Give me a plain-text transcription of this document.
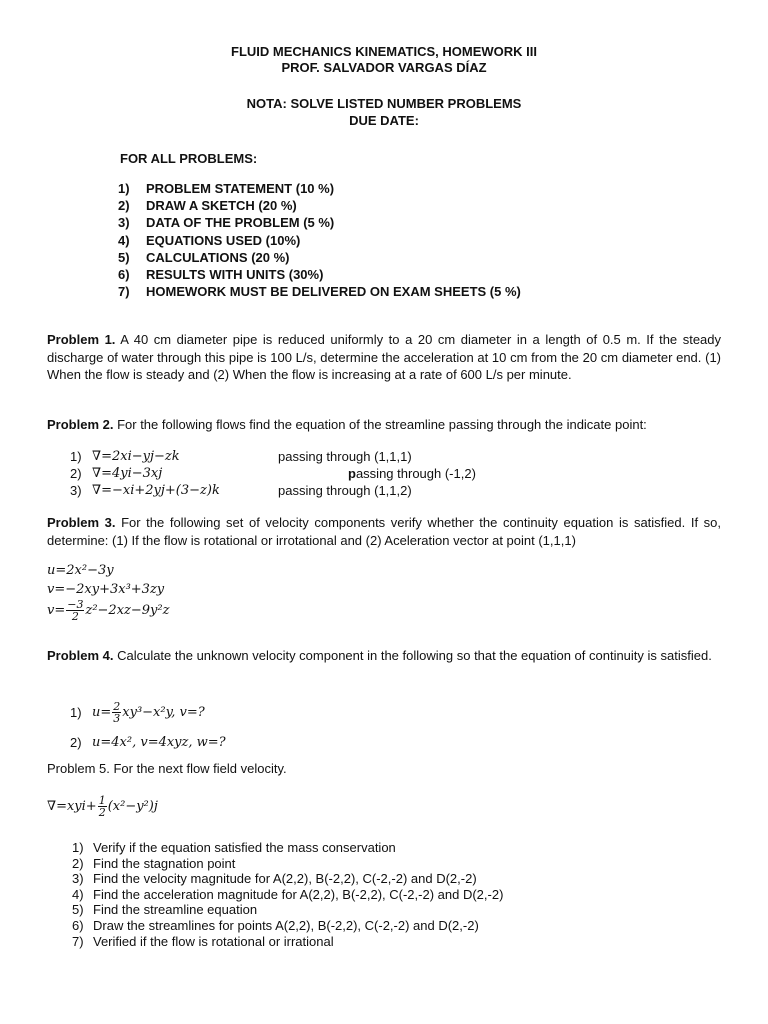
FLUID MECHANICS KINEMATICS, HOMEWORK III
PROF. SALVADOR VARGAS DÍAZ
NOTA: SOLVE LISTED NUMBER PROBLEMS
DUE DATE:
FOR ALL PROBLEMS:
1)	PROBLEM STATEMENT (10 %)
2)	DRAW A SKETCH (20 %)
3)	DATA OF THE PROBLEM (5 %)
4)	EQUATIONS USED (10%)
5)	CALCULATIONS (20 %)
6)	RESULTS WITH UNITS (30%)
7)	HOMEWORK MUST BE DELIVERED ON EXAM SHEETS (5 %)
Problem 1. A 40 cm diameter pipe is reduced uniformly to a 20 cm diameter in a length of 0.5 m. If the steady discharge of water through this pipe is 100 L/s, determine the acceleration at 10 cm from the 20 cm diameter end. (1) When the flow is steady and (2) When the flow is increasing at a rate of 600 L/s per minute.
Problem 2. For the following flows find the equation of the streamline passing through the indicate point:
1) ∇=2xi−yj−zk	passing through (1,1,1)
2) ∇=4yi−3xj	p assing through (-1,2)
3) ∇=−xi+2yj+(3−z)k	passing through (1,1,2)
Problem 3. For the following set of velocity components verify whether the continuity equation is satisfied. If so, determine: (1) If the flow is rotational or irrotational and (2) Aceleration vector at point (1,1,1)
u=2x²−3y
v=−2xy+3x³+3zy
$v= \frac{-3}{2} z^2-2xz-9y^2z$
Problem 4. Calculate the unknown velocity component in the following so that the equation of continuity is satisfied.
1) $u= \frac{2}{3} xy^3-x^2y$, v=?
2) u=4x², v=4xyz, w=?
Problem 5. For the next flow field velocity.
$\nabla=xyi+ \frac{1}{2} (x^2-y^2)j$
1) Verify if the equation satisfied the mass conservation
2) Find the stagnation point
3) Find the velocity magnitude for A(2,2), B(-2,2), C(-2,-2) and D(2,-2)
4) Find the acceleration magnitude for A(2,2), B(-2,2), C(-2,-2) and D(2,-2)
5) Find the streamline equation
6) Draw the streamlines for points A(2,2), B(-2,2), C(-2,-2) and D(2,-2)
7) Verified if the flow is rotational or irrational
